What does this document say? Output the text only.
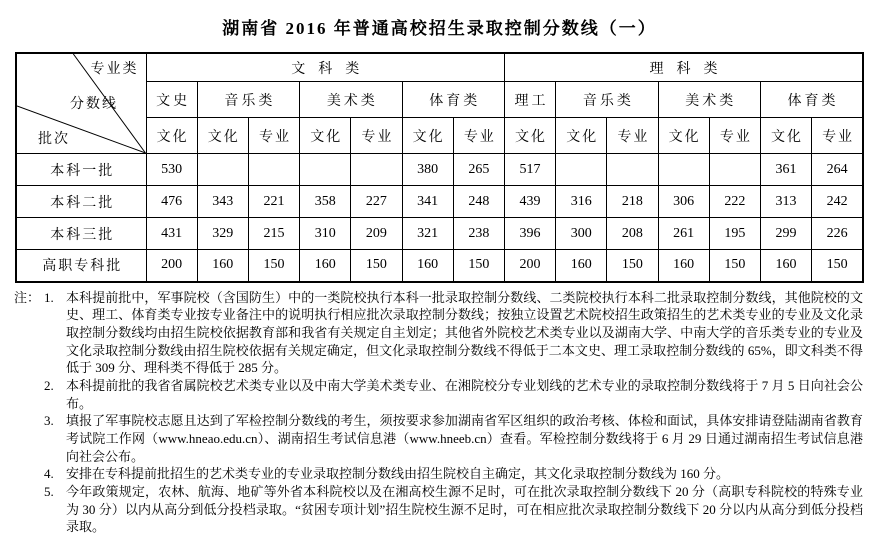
湖南省 2016 年普通高校招生录取控制分数线（一）
专业类
分数线
批次	文科类							理科类						
	文史	音乐类		美术类		体育类		理工	音乐类		美术类		体育类	
	文化	文化	专业	文化	专业	文化	专业	文化	文化	专业	文化	专业	文化	专业
本科一批	530					380	265	517					361	264
本科二批	476	343	221	358	227	341	248	439	316	218	306	222	313	242
本科三批	431	329	215	310	209	321	238	396	300	208	261	195	299	226
高职专科批	200	160	150	160	150	160	150	200	160	150	160	150	160	150
注： 1. 本科提前批中，军事院校（含国防生）中的一类院校执行本科一批录取控制分数线、二类院校执行本科二批录取控制分数线，其他院校的文史、理工、体育类专业按专业备注中的说明执行相应批次录取控制分数线；按独立设置艺术院校招生政策招生的艺术类专业的专业及文化录取控制分数线均由招生院校依据教育部和我省有关规定自主划定；其他省外院校艺术类专业以及湖南大学、中南大学的音乐类专业的专业及文化录取控制分数线由招生院校依据有关规定确定，但文化录取控制分数线不得低于二本文史、理工录取控制分数线的 65%，即文科类不得低于 309 分、理科类不得低于 285 分。
2. 本科提前批的我省省属院校艺术类专业以及中南大学美术类专业、在湘院校分专业划线的艺术专业的录取控制分数线将于 7 月 5 日向社会公布。
3. 填报了军事院校志愿且达到了军检控制分数线的考生，须按要求参加湖南省军区组织的政治考核、体检和面试，具体安排请登陆湖南省教育考试院工作网（www.hneao.edu.cn）、湖南招生考试信息港（www.hneeb.cn）查看。军检控制分数线将于 6 月 29 日通过湖南招生考试信息港向社会公布。
4. 安排在专科提前批招生的艺术类专业的专业录取控制分数线由招生院校自主确定，其文化录取控制分数线为 160 分。
5. 今年政策规定，农林、航海、地矿等外省本科院校以及在湘高校生源不足时，可在批次录取控制分数线下 20 分（高职专科院校的特殊专业为 30 分）以内从高分到低分投档录取。“贫困专项计划”招生院校生源不足时，可在相应批次录取控制分数线下 20 分以内从高分到低分投档录取。
